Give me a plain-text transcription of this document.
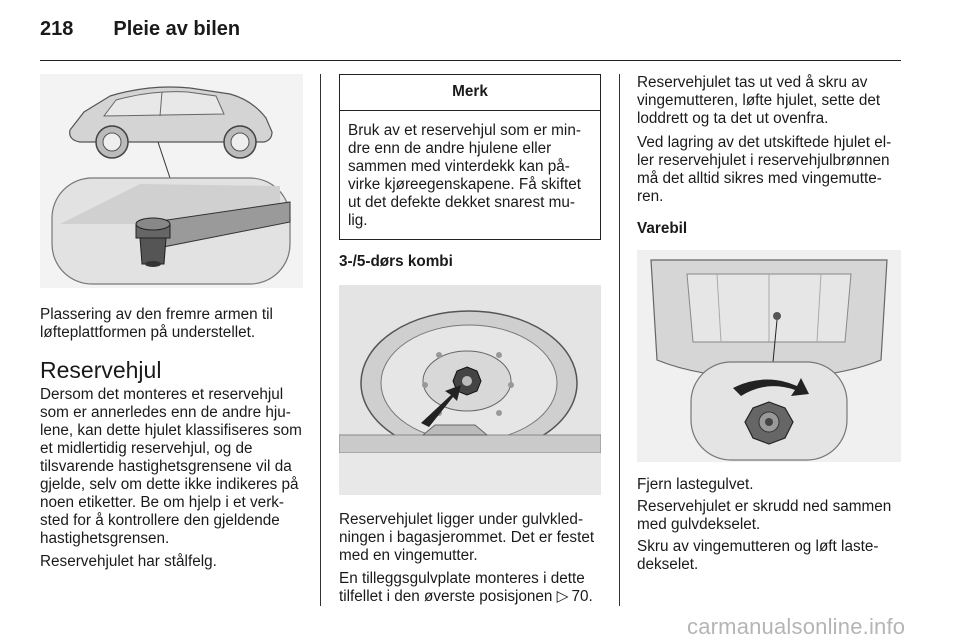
218 Pleie av bilen

Plassering av den fremre armen til løfteplattformen på understellet.

Reservehjul

Dersom det monteres et reservehjul som er annerledes enn de andre hju-lene, kan dette hjulet klassifiseres som et midlertidig reservehjul, og de tilsvarende hastighetsgrensene vil da gjelde, selv om dette ikke indikeres på noen etiketter. Be om hjelp i et verk-sted for å kontrollere den gjeldende hastighetsgrensen.

Reservehjulet har stålfelg.

Merk
Bruk av et reservehjul som er min-dre enn de andre hjulene eller sammen med vinterdekk kan på-virke kjøreegenskapene. Få skiftet ut det defekte dekket snarest mu-lig.
3-/5-dørs kombi

Reservehjulet ligger under gulvkled-ningen i bagasjerommet. Det er festet med en vingemutter.

En tilleggsgulvplate monteres i dette tilfellet i den øverste posisjonen ▷ 70.

Reservehjulet tas ut ved å skru av vingemutteren, løfte hjulet, sette det loddrett og ta det ut ovenfra.

Ved lagring av det utskiftede hjulet el-ler reservehjulet i reservehjulbrønnen må det alltid sikres med vingemutte-ren.

Varebil

Fjern lastegulvet.

Reservehjulet er skrudd ned sammen med gulvdekselet.

Skru av vingemutteren og løft laste-dekselet.

carmanualsonline.info
